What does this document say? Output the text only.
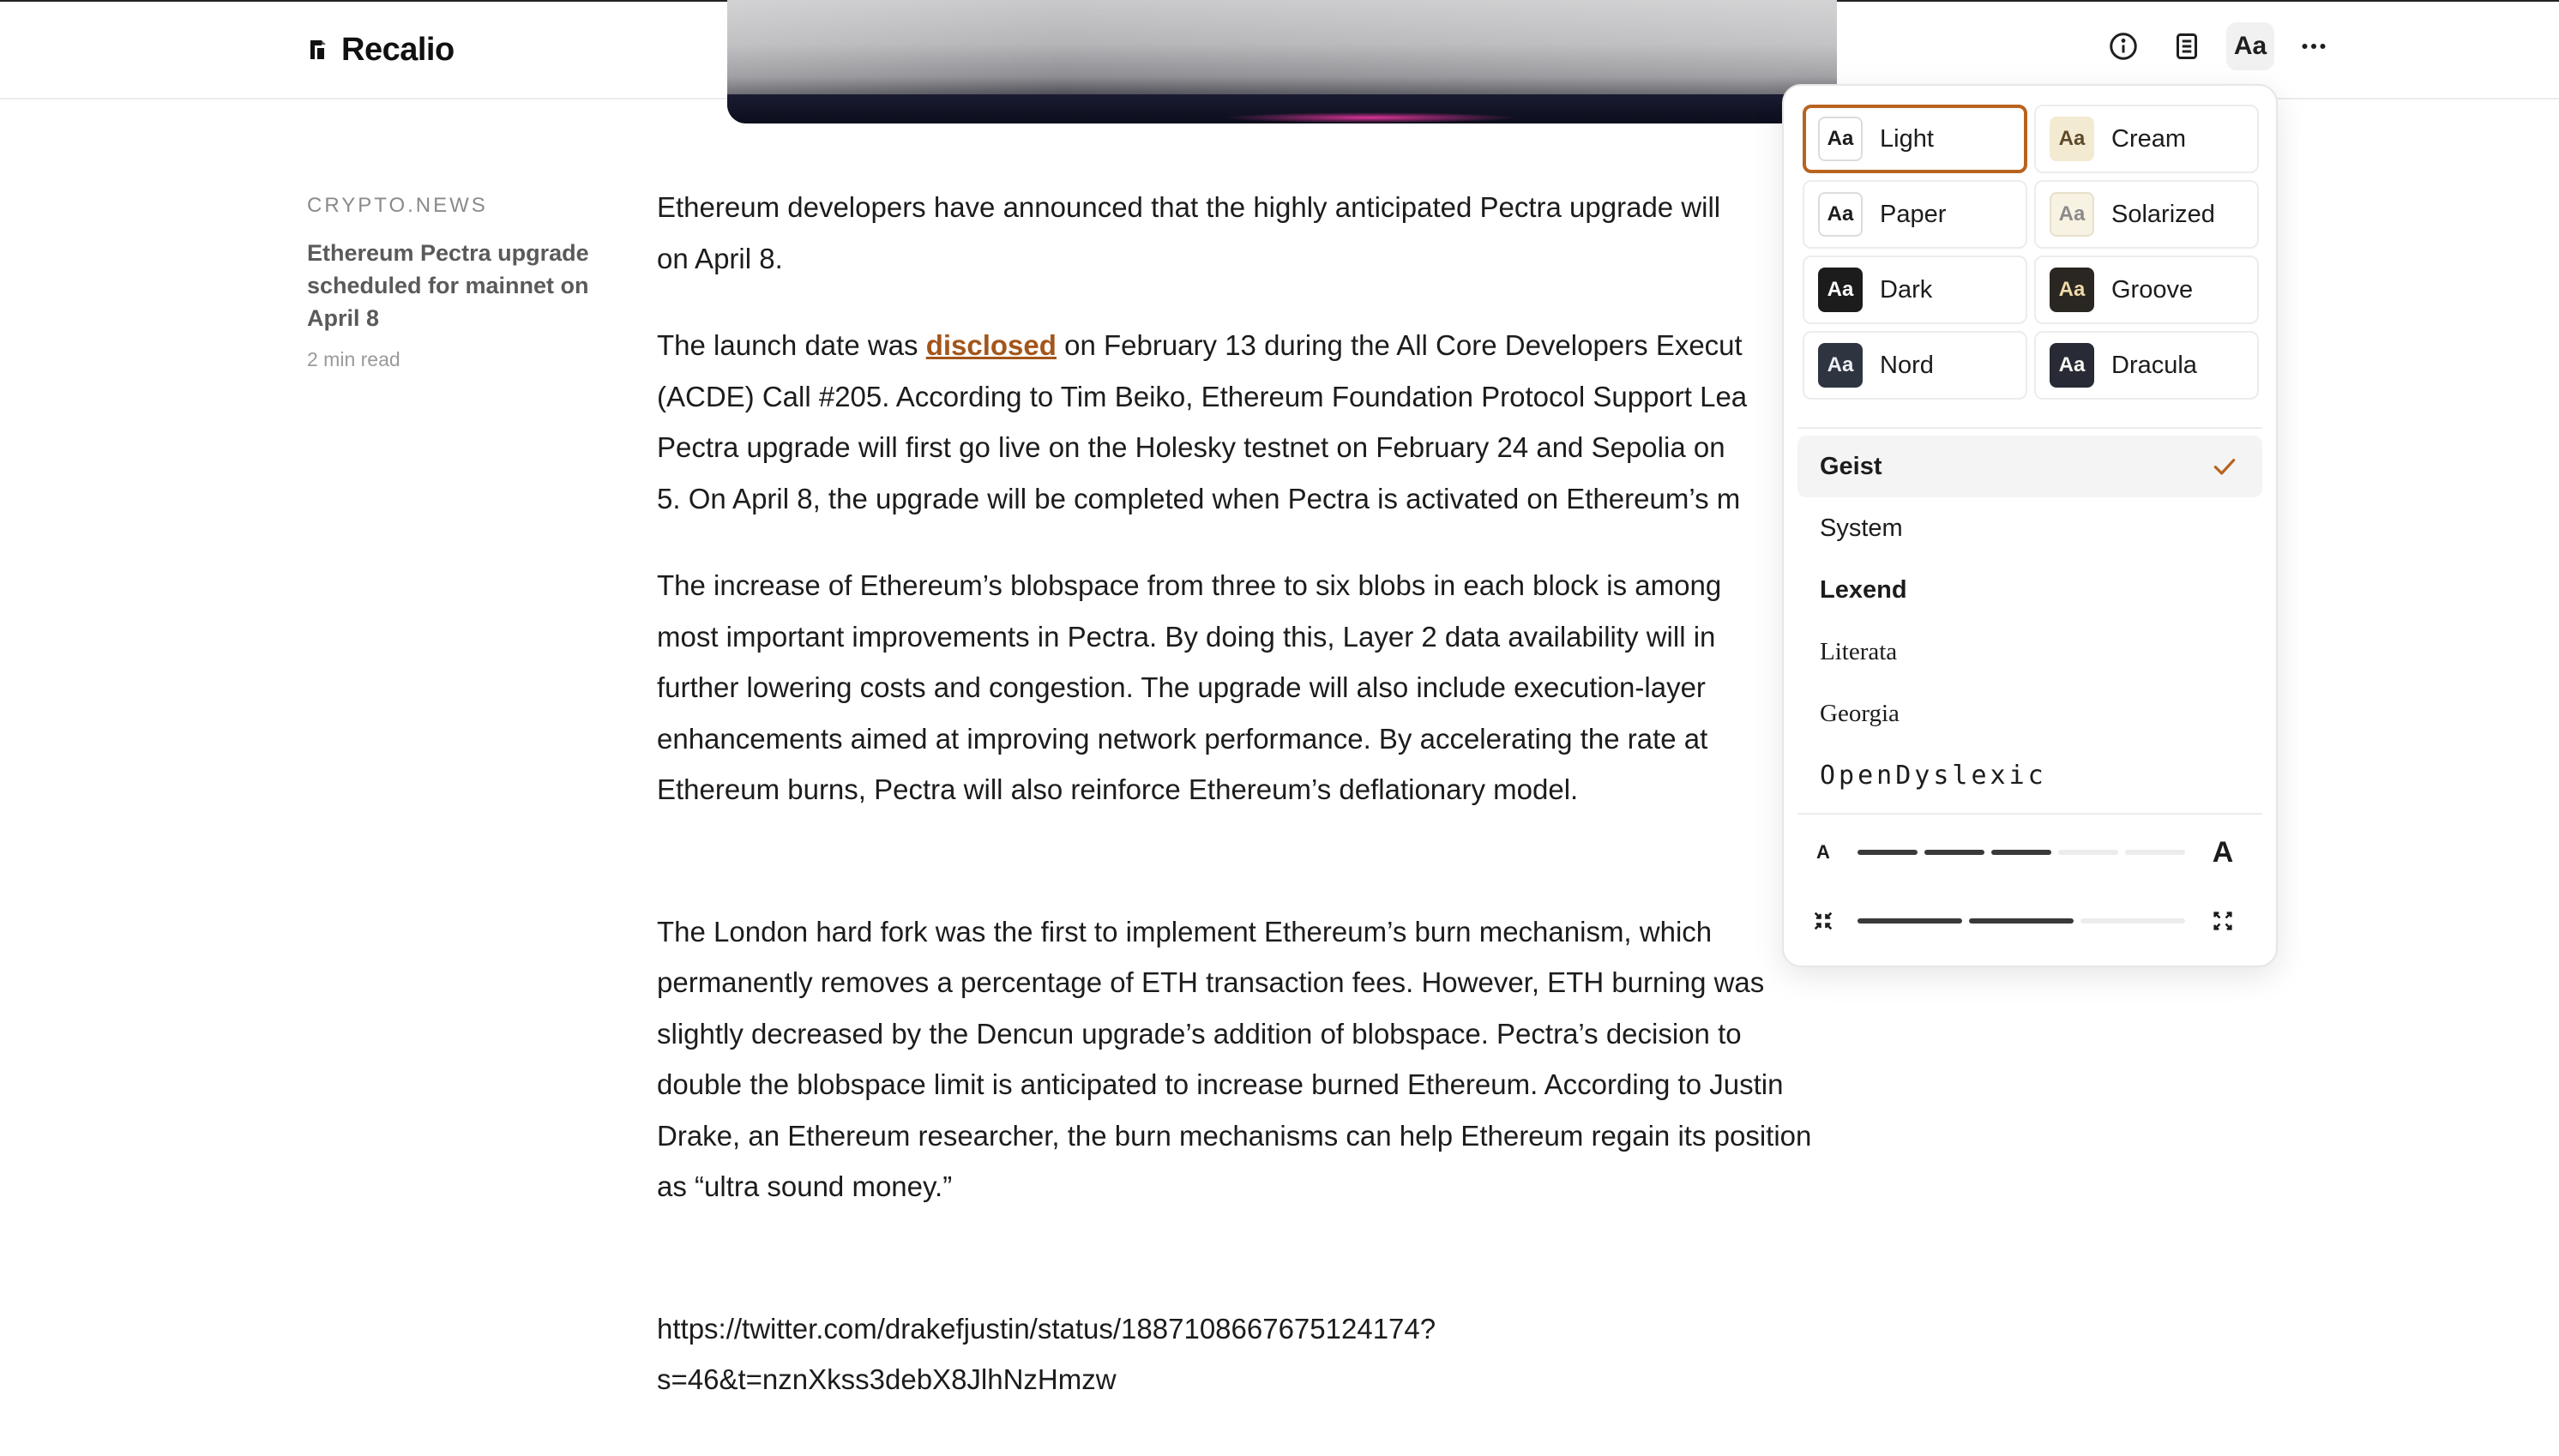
Recalio	Aa
CRYPTO.NEWS
Ethereum Pectra upgrade scheduled for mainnet on April 8
2 min read

Ethereum developers have announced that the highly anticipated Pectra upgrade will
on April 8.

The launch date was disclosed on February 13 during the All Core Developers Execut
(ACDE) Call #205. According to Tim Beiko, Ethereum Foundation Protocol Support Lea
Pectra upgrade will first go live on the Holesky testnet on February 24 and Sepolia on
5. On April 8, the upgrade will be completed when Pectra is activated on Ethereum’s m

The increase of Ethereum’s blobspace from three to six blobs in each block is among
most important improvements in Pectra. By doing this, Layer 2 data availability will in
further lowering costs and congestion. The upgrade will also include execution-layer
enhancements aimed at improving network performance. By accelerating the rate at
Ethereum burns, Pectra will also reinforce Ethereum’s deflationary model.

The London hard fork was the first to implement Ethereum’s burn mechanism, which
permanently removes a percentage of ETH transaction fees. However, ETH burning was
slightly decreased by the Dencun upgrade’s addition of blobspace. Pectra’s decision to
double the blobspace limit is anticipated to increase burned Ethereum. According to Justin
Drake, an Ethereum researcher, the burn mechanisms can help Ethereum regain its position
as “ultra sound money.”

https://twitter.com/drakefjustin/status/1887108667675124174?
s=46&t=nznXkss3debX8JlhNzHmzw

Aa	Light	Aa	Cream
Aa	Paper	Aa	Solarized
Aa	Dark	Aa	Groove
Aa	Nord	Aa	Dracula
Geist
System
Lexend
Literata
Georgia
OpenDyslexic
A	A
